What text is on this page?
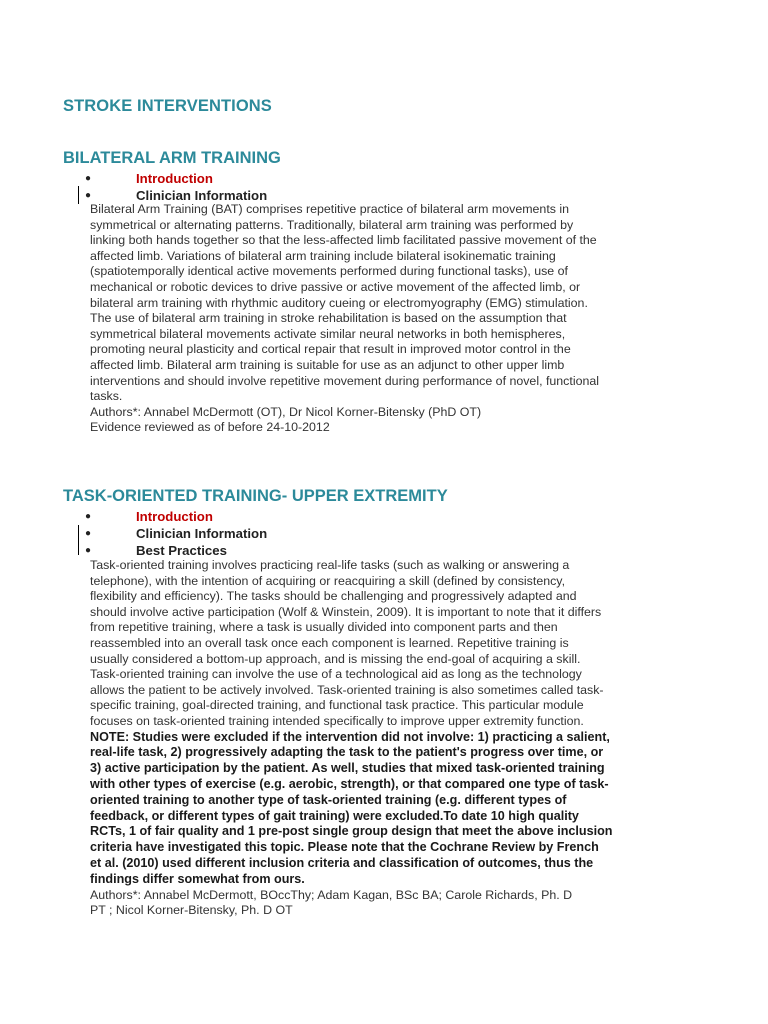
STROKE INTERVENTIONS
BILATERAL ARM TRAINING
●	Introduction
●	Clinician Information
Bilateral Arm Training (BAT) comprises repetitive practice of bilateral arm movements in
symmetrical or alternating patterns. Traditionally, bilateral arm training was performed by
linking both hands together so that the less-affected limb facilitated passive movement of the
affected limb. Variations of bilateral arm training include bilateral isokinematic training
(spatiotemporally identical active movements performed during functional tasks), use of
mechanical or robotic devices to drive passive or active movement of the affected limb, or
bilateral arm training with rhythmic auditory cueing or electromyography (EMG) stimulation.
The use of bilateral arm training in stroke rehabilitation is based on the assumption that
symmetrical bilateral movements activate similar neural networks in both hemispheres,
promoting neural plasticity and cortical repair that result in improved motor control in the
affected limb. Bilateral arm training is suitable for use as an adjunct to other upper limb
interventions and should involve repetitive movement during performance of novel, functional
tasks.
Authors*: Annabel McDermott (OT), Dr Nicol Korner-Bitensky (PhD OT)
Evidence reviewed as of before 24-10-2012
TASK-ORIENTED TRAINING- UPPER EXTREMITY
●	Introduction
●	Clinician Information
●	Best Practices
Task-oriented training involves practicing real-life tasks (such as walking or answering a
telephone), with the intention of acquiring or reacquiring a skill (defined by consistency,
flexibility and efficiency). The tasks should be challenging and progressively adapted and
should involve active participation (Wolf & Winstein, 2009). It is important to note that it differs
from repetitive training, where a task is usually divided into component parts and then
reassembled into an overall task once each component is learned. Repetitive training is
usually considered a bottom-up approach, and is missing the end-goal of acquiring a skill.
Task-oriented training can involve the use of a technological aid as long as the technology
allows the patient to be actively involved. Task-oriented training is also sometimes called task-
specific training, goal-directed training, and functional task practice. This particular module
focuses on task-oriented training intended specifically to improve upper extremity function.
NOTE: Studies were excluded if the intervention did not involve: 1) practicing a salient,
real-life task, 2) progressively adapting the task to the patient's progress over time, or
3) active participation by the patient. As well, studies that mixed task-oriented training
with other types of exercise (e.g. aerobic, strength), or that compared one type of task-
oriented training to another type of task-oriented training (e.g. different types of
feedback, or different types of gait training) were excluded.To date 10 high quality
RCTs, 1 of fair quality and 1 pre-post single group design that meet the above inclusion
criteria have investigated this topic. Please note that the Cochrane Review by French
et al. (2010) used different inclusion criteria and classification of outcomes, thus the
findings differ somewhat from ours.
Authors*: Annabel McDermott, BOccThy; Adam Kagan, BSc BA; Carole Richards, Ph. D
PT ; Nicol Korner-Bitensky, Ph. D OT
